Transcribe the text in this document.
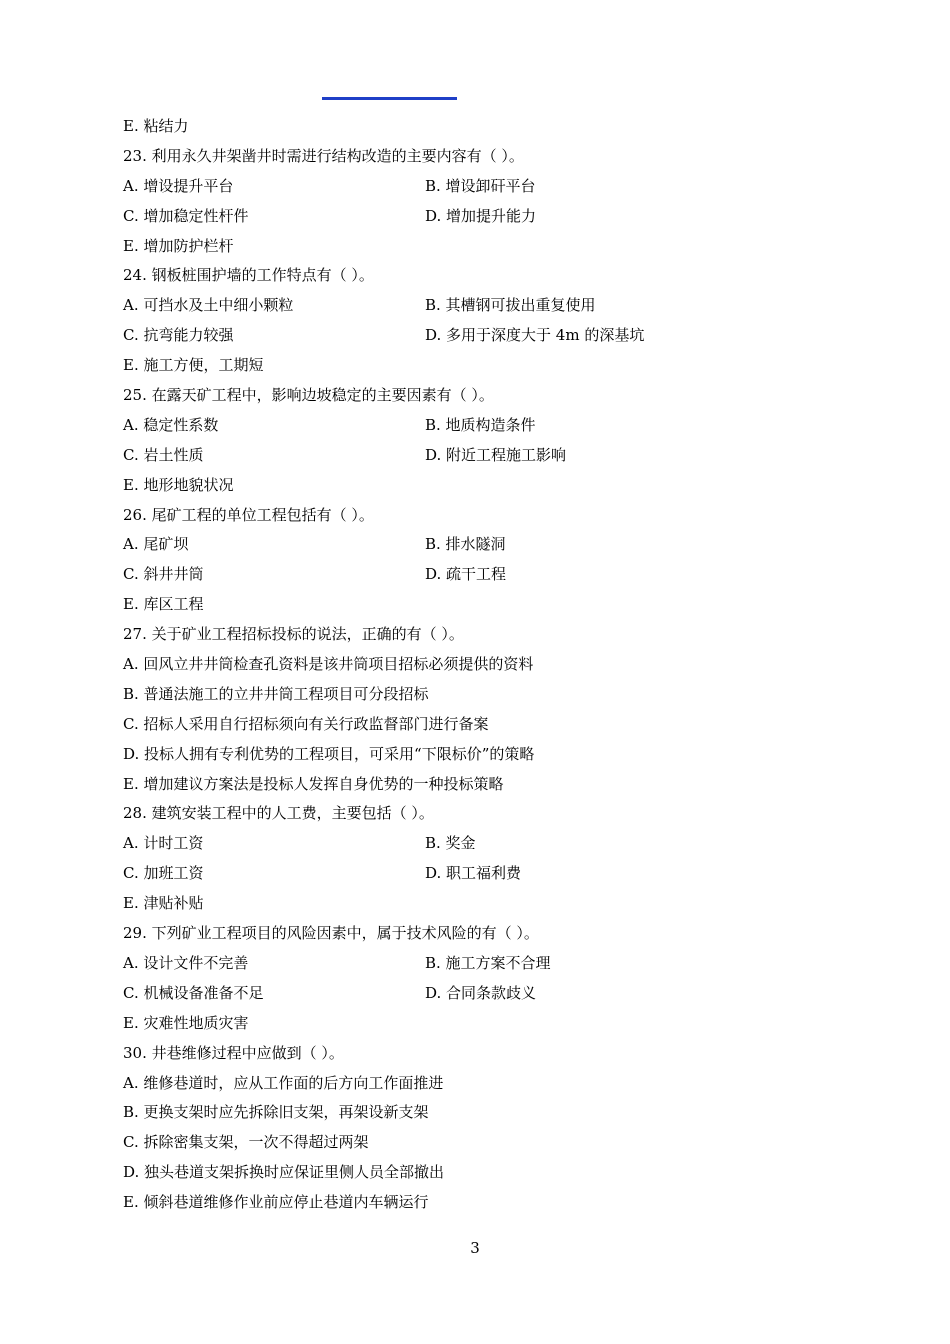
E. 粘结力
23. 利用永久井架凿井时需进行结构改造的主要内容有（ ）。
A. 增设提升平台	B. 增设卸矸平台
C. 增加稳定性杆件	D. 增加提升能力
E. 增加防护栏杆
24. 钢板桩围护墙的工作特点有（ ）。
A. 可挡水及土中细小颗粒	B. 其槽钢可拔出重复使用
C. 抗弯能力较强	D. 多用于深度大于 4m 的深基坑
E. 施工方便，工期短
25. 在露天矿工程中，影响边坡稳定的主要因素有（ ）。
A. 稳定性系数	B. 地质构造条件
C. 岩土性质	D. 附近工程施工影响
E. 地形地貌状况
26. 尾矿工程的单位工程包括有（ ）。
A. 尾矿坝	B. 排水隧洞
C. 斜井井筒	D. 疏干工程
E. 库区工程
27. 关于矿业工程招标投标的说法，正确的有（ ）。
A. 回风立井井筒检查孔资料是该井筒项目招标必须提供的资料
B. 普通法施工的立井井筒工程项目可分段招标
C. 招标人采用自行招标须向有关行政监督部门进行备案
D. 投标人拥有专利优势的工程项目，可采用“下限标价”的策略
E. 增加建议方案法是投标人发挥自身优势的一种投标策略
28. 建筑安装工程中的人工费，主要包括（ ）。
A. 计时工资	B. 奖金
C. 加班工资	D. 职工福利费
E. 津贴补贴
29. 下列矿业工程项目的风险因素中，属于技术风险的有（ ）。
A. 设计文件不完善	B. 施工方案不合理
C. 机械设备准备不足	D. 合同条款歧义
E. 灾难性地质灾害
30. 井巷维修过程中应做到（ ）。
A. 维修巷道时，应从工作面的后方向工作面推进
B. 更换支架时应先拆除旧支架，再架设新支架
C. 拆除密集支架，一次不得超过两架
D. 独头巷道支架拆换时应保证里侧人员全部撤出
E. 倾斜巷道维修作业前应停止巷道内车辆运行
3
